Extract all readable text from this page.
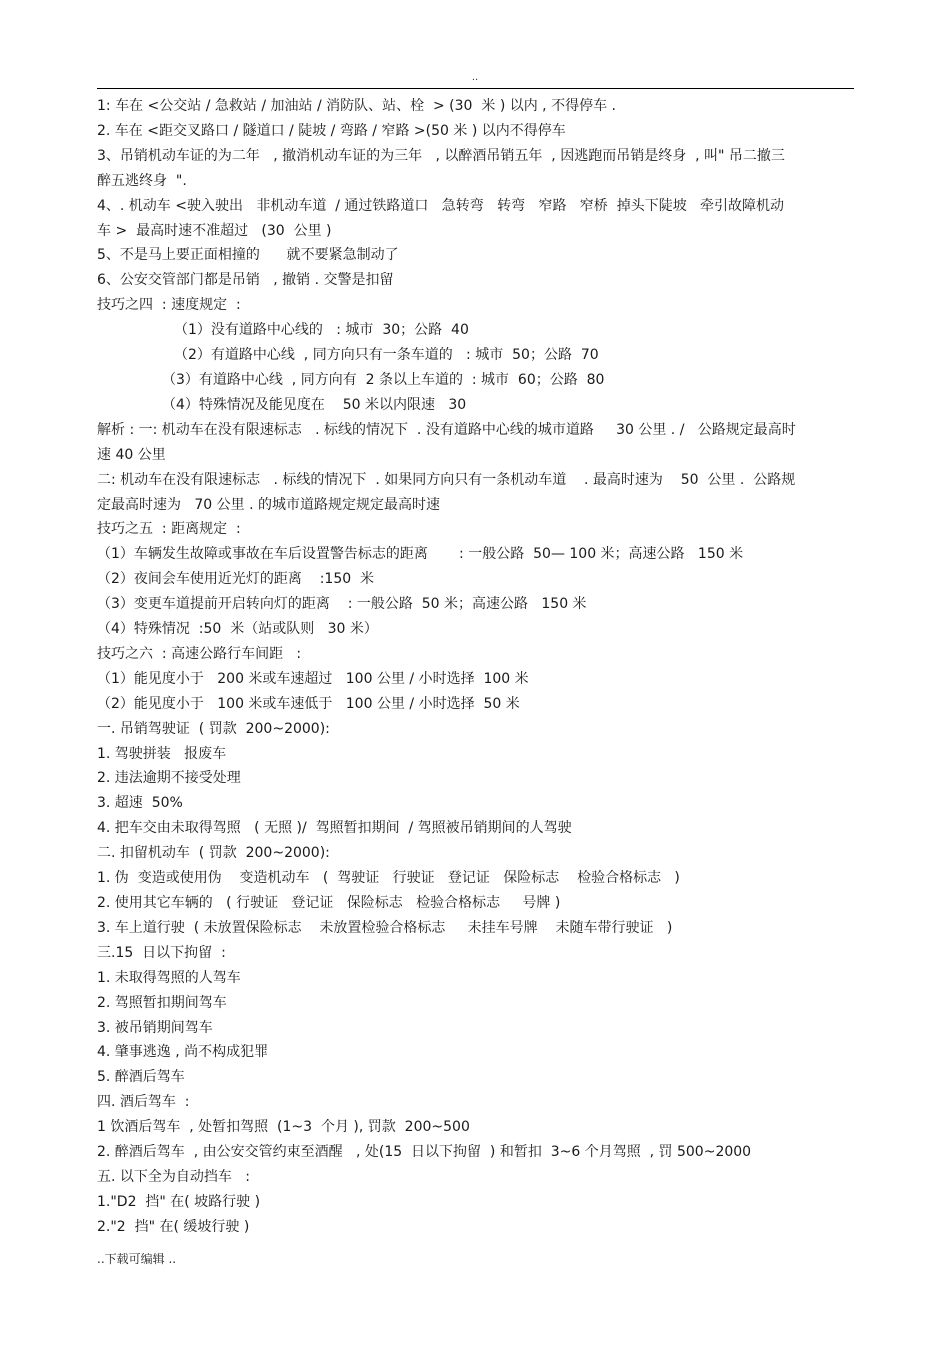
..

1: 车在 <公交站 / 急救站 / 加油站 / 消防队、站、栓  > (30  米 ) 以内 , 不得停车 .

2. 车在 <距交叉路口 / 隧道口 / 陡坡 / 弯路 / 窄路 >(50 米 ) 以内不得停车

3、吊销机动车证的为二年   , 撤消机动车证的为三年   , 以醉酒吊销五年  , 因逃跑而吊销是终身  , 叫" 吊二撤三

醉五逃终身  ".

4、. 机动车 <驶入驶出   非机动车道  / 通过铁路道口   急转弯   转弯   窄路   窄桥  掉头下陡坡   牵引故障机动

车 >  最高时速不准超过   (30  公里 )

5、不是马上要正面相撞的      就不要紧急制动了

6、公安交管部门都是吊销   , 撤销 . 交警是扣留

技巧之四  : 速度规定  :

（1）没有道路中心线的   : 城市  30；公路  40

（2）有道路中心线  , 同方向只有一条车道的   : 城市  50；公路  70

（3）有道路中心线  , 同方向有  2 条以上车道的  : 城市  60；公路  80

（4）特殊情况及能见度在    50 米以内限速   30

解析 : 一: 机动车在没有限速标志   . 标线的情况下  . 没有道路中心线的城市道路     30 公里 . /   公路规定最高时

速 40 公里

二: 机动车在没有限速标志   . 标线的情况下  . 如果同方向只有一条机动车道    . 最高时速为    50  公里 .  公路规

定最高时速为   70 公里 . 的城市道路规定规定最高时速

技巧之五  : 距离规定  :

（1）车辆发生故障或事故在车后设置警告标志的距离       : 一般公路  50— 100 米；高速公路   150 米

（2）夜间会车使用近光灯的距离    :150  米

（3）变更车道提前开启转向灯的距离    : 一般公路  50 米；高速公路   150 米

（4）特殊情况  :50  米（站或队则   30 米）

技巧之六  : 高速公路行车间距   :

（1）能见度小于   200 米或车速超过   100 公里 / 小时选择  100 米

（2）能见度小于   100 米或车速低于   100 公里 / 小时选择  50 米

一. 吊销驾驶证  ( 罚款  200~2000):

1. 驾驶拼装   报废车

2. 违法逾期不接受处理

3. 超速  50%

4. 把车交由未取得驾照   ( 无照 )/  驾照暂扣期间  / 驾照被吊销期间的人驾驶

二. 扣留机动车  ( 罚款  200~2000):

1. 伪  变造或使用伪    变造机动车   (  驾驶证   行驶证   登记证   保险标志    检验合格标志   )

2. 使用其它车辆的   ( 行驶证   登记证   保险标志   检验合格标志     号牌 )

3. 车上道行驶  ( 未放置保险标志    未放置检验合格标志     未挂车号牌    未随车带行驶证   )

三.15  日以下拘留  :

1. 未取得驾照的人驾车

2. 驾照暂扣期间驾车

3. 被吊销期间驾车

4. 肇事逃逸 , 尚不构成犯罪

5. 醉酒后驾车

四. 酒后驾车  :

1 饮酒后驾车  , 处暂扣驾照  (1~3  个月 ), 罚款  200~500

2. 醉酒后驾车  , 由公安交管约束至酒醒   , 处(15  日以下拘留  ) 和暂扣  3~6 个月驾照  , 罚 500~2000

五. 以下全为自动挡车   :

1."D2  挡" 在( 坡路行驶 )

2."2  挡" 在( 缓坡行驶 )

..下载可编辑 ..
